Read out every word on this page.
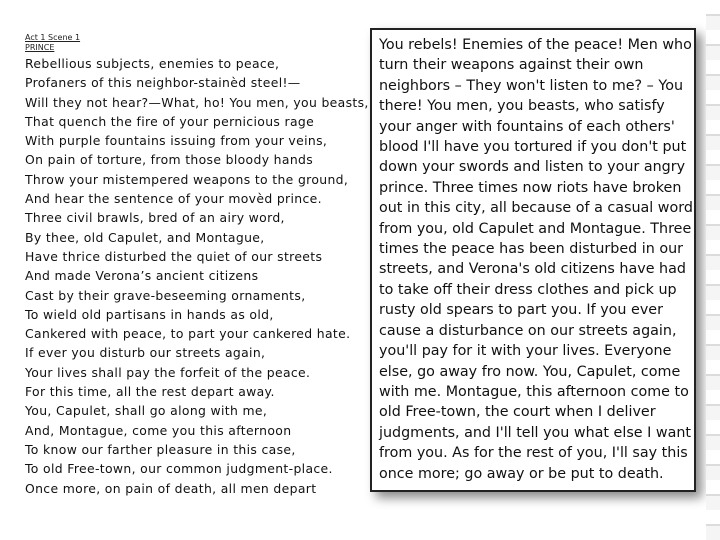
Act 1 Scene 1
PRINCE
Rebellious subjects, enemies to peace,
Profaners of this neighbor-stainèd steel!—
Will they not hear?—What, ho! You men, you beasts,
That quench the fire of your pernicious rage
With purple fountains issuing from your veins,
On pain of torture, from those bloody hands
Throw your mistempered weapons to the ground,
And hear the sentence of your movèd prince.
Three civil brawls, bred of an airy word,
By thee, old Capulet, and Montague,
Have thrice disturbed the quiet of our streets
And made Verona’s ancient citizens
Cast by their grave-beseeming ornaments,
To wield old partisans in hands as old,
Cankered with peace, to part your cankered hate.
If ever you disturb our streets again,
Your lives shall pay the forfeit of the peace.
For this time, all the rest depart away.
You, Capulet, shall go along with me,
And, Montague, come you this afternoon
To know our farther pleasure in this case,
To old Free-town, our common judgment-place.
Once more, on pain of death, all men depart
You rebels! Enemies of the peace! Men who
turn their weapons against their own
neighbors – They won't listen to me? – You
there! You men, you beasts, who satisfy
your anger with fountains of each others'
blood I'll have you tortured if you don't put
down your swords and listen to your angry
prince. Three times now riots have broken
out in this city, all because of a casual word
from you, old Capulet and Montague. Three
times the peace has been disturbed in our
streets, and Verona's old citizens have had
to take off their dress clothes and pick up
rusty old spears to part you. If you ever
cause a disturbance on our streets again,
you'll pay for it with your lives. Everyone
else, go away fro now. You, Capulet, come
with me. Montague, this afternoon come to
old Free-town, the court when I deliver
judgments, and I'll tell you what else I want
from you. As for the rest of you, I'll say this
once more; go away or be put to death.
